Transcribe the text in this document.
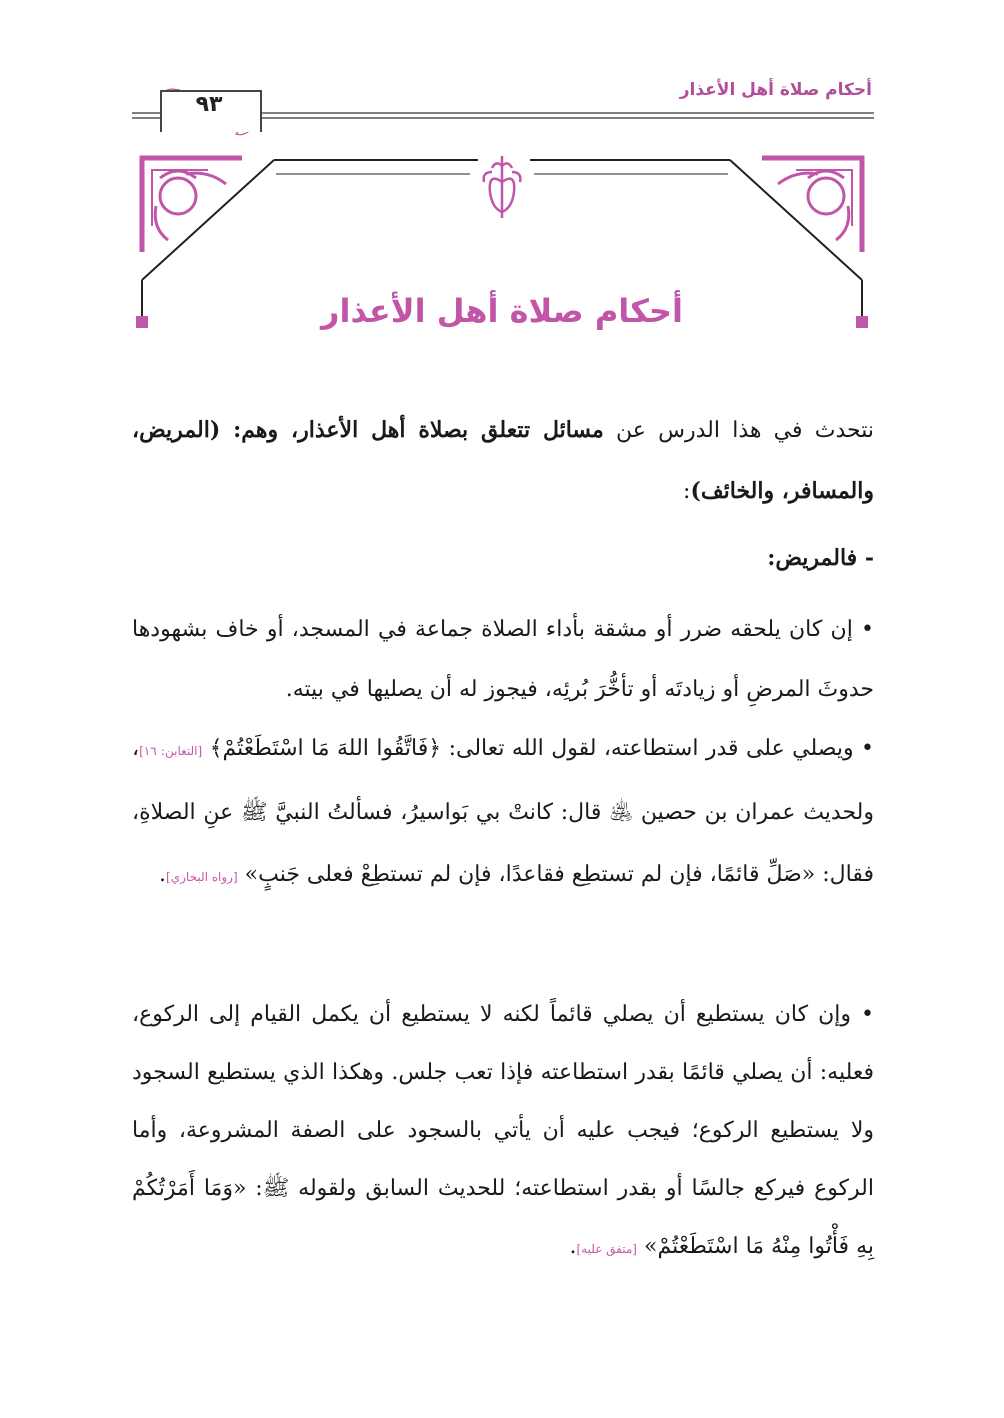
٩٣
أحكام صلاة أهل الأعذار
أحكام صلاة أهل الأعذار
نتحدث في هذا الدرس عن مسائل تتعلق بصلاة أهل الأعذار، وهم: (المريض، والمسافر، والخائف):
- فالمريض:
• إن كان يلحقه ضرر أو مشقة بأداء الصلاة جماعة في المسجد، أو خاف بشهودها حدوثَ المرضِ أو زيادتَه أو تأخُّرَ بُرئِه، فيجوز له أن يصليها في بيته.
• ويصلي على قدر استطاعته، لقول الله تعالى: ﴿فَاتَّقُوا اللهَ مَا اسْتَطَعْتُمْ﴾ [التغابن: ١٦]، ولحديث عمران بن حصين ﵁ قال: كانتْ بي بَواسيرُ، فسألتُ النبيَّ ﷺ عنِ الصلاةِ، فقال: «صَلِّ قائمًا، فإن لم تستطِع فقاعدًا، فإن لم تستطِعْ فعلى جَنبٍ» [رواه البخاري].
• وإن كان يستطيع أن يصلي قائماً لكنه لا يستطيع أن يكمل القيام إلى الركوع، فعليه: أن يصلي قائمًا بقدر استطاعته فإذا تعب جلس. وهكذا الذي يستطيع السجود ولا يستطيع الركوع؛ فيجب عليه أن يأتي بالسجود على الصفة المشروعة، وأما الركوع فيركع جالسًا أو بقدر استطاعته؛ للحديث السابق ولقوله ﷺ: «وَمَا أَمَرْتُكُمْ بِهِ فَأْتُوا مِنْهُ مَا اسْتَطَعْتُمْ» [متفق عليه].
